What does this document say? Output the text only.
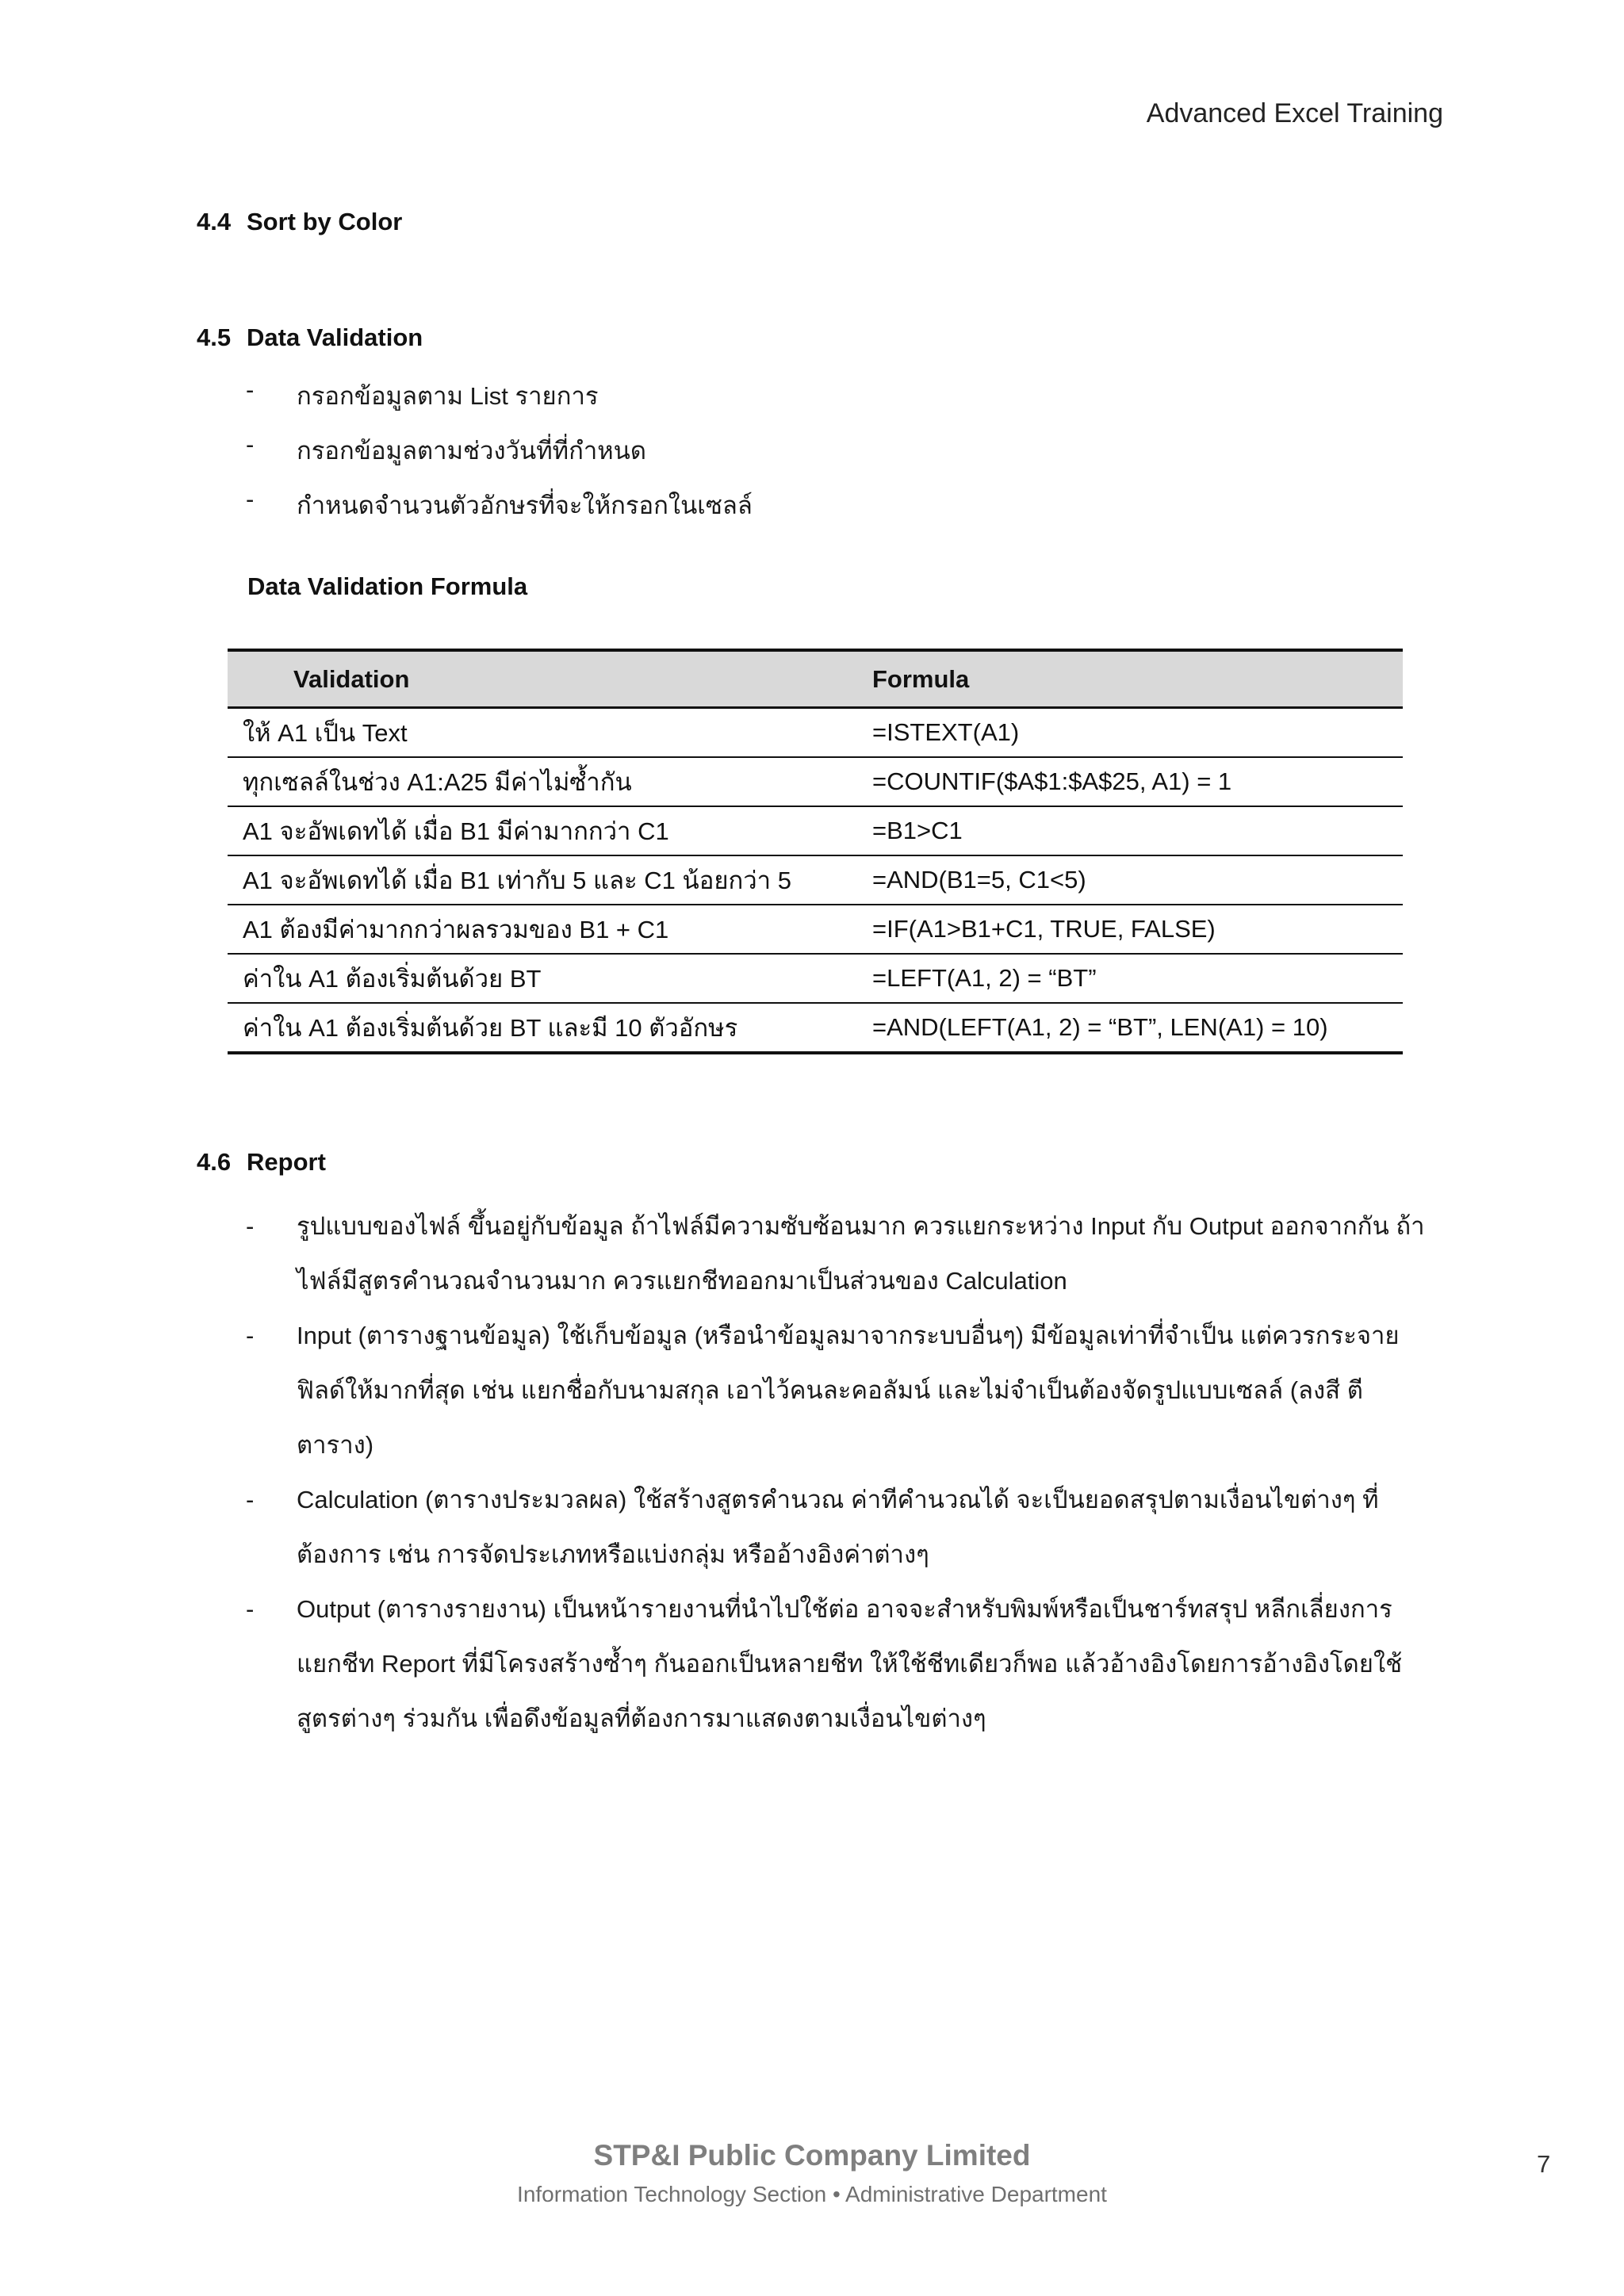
Advanced Excel Training
4.4 Sort by Color
4.5 Data Validation
- กรอกข้อมูลตาม List รายการ
- กรอกข้อมูลตามช่วงวันที่ที่กำหนด
- กำหนดจำนวนตัวอักษรที่จะให้กรอกในเซลล์
Data Validation Formula
Validation	Formula
ให้ A1 เป็น Text	=ISTEXT(A1)
ทุกเซลล์ในช่วง A1:A25 มีค่าไม่ซ้ำกัน	=COUNTIF($A$1:$A$25, A1) = 1
A1 จะอัพเดทได้ เมื่อ B1 มีค่ามากกว่า C1	=B1>C1
A1 จะอัพเดทได้ เมื่อ B1 เท่ากับ 5 และ C1 น้อยกว่า 5	=AND(B1=5, C1<5)
A1 ต้องมีค่ามากกว่าผลรวมของ B1 + C1	=IF(A1>B1+C1, TRUE, FALSE)
ค่าใน A1 ต้องเริ่มต้นด้วย BT	=LEFT(A1, 2) = “BT”
ค่าใน A1 ต้องเริ่มต้นด้วย BT และมี 10 ตัวอักษร	=AND(LEFT(A1, 2) = “BT”, LEN(A1) = 10)
4.6 Report
- รูปแบบของไฟล์ ขึ้นอยู่กับข้อมูล ถ้าไฟล์มีความซับซ้อนมาก ควรแยกระหว่าง Input กับ Output ออกจากกัน ถ้าไฟล์มีสูตรคำนวณจำนวนมาก ควรแยกชีทออกมาเป็นส่วนของ Calculation
- Input (ตารางฐานข้อมูล) ใช้เก็บข้อมูล (หรือนำข้อมูลมาจากระบบอื่นๆ) มีข้อมูลเท่าที่จำเป็น แต่ควรกระจายฟิลด์ให้มากที่สุด เช่น แยกชื่อกับนามสกุล เอาไว้คนละคอลัมน์ และไม่จำเป็นต้องจัดรูปแบบเซลล์ (ลงสี ตีตาราง)
- Calculation (ตารางประมวลผล) ใช้สร้างสูตรคำนวณ ค่าทีคำนวณได้ จะเป็นยอดสรุปตามเงื่อนไขต่างๆ ที่ต้องการ เช่น การจัดประเภทหรือแบ่งกลุ่ม หรืออ้างอิงค่าต่างๆ
- Output (ตารางรายงาน) เป็นหน้ารายงานที่นำไปใช้ต่อ อาจจะสำหรับพิมพ์หรือเป็นชาร์ทสรุป หลีกเลี่ยงการแยกชีท Report ที่มีโครงสร้างซ้ำๆ กันออกเป็นหลายชีท ให้ใช้ชีทเดียวก็พอ แล้วอ้างอิงโดยการอ้างอิงโดยใช้สูตรต่างๆ ร่วมกัน เพื่อดึงข้อมูลที่ต้องการมาแสดงตามเงื่อนไขต่างๆ
STP&I Public Company Limited
Information Technology Section • Administrative Department
7
